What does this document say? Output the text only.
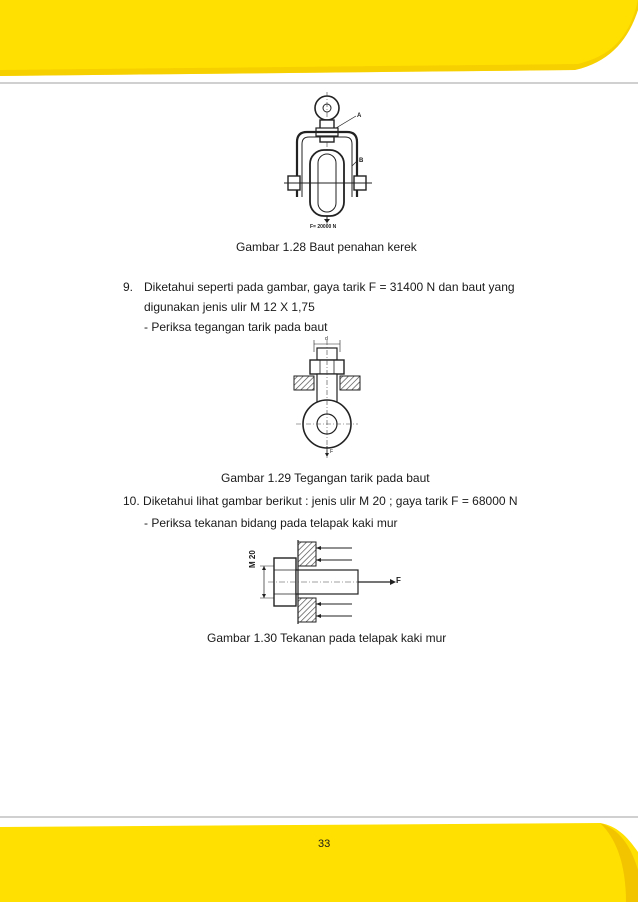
A
B
F= 20000 N
Gambar 1.28 Baut penahan kerek
9. Diketahui seperti pada gambar, gaya tarik F = 31400 N dan baut yang
digunakan jenis ulir M 12 X 1,75
- Periksa tegangan tarik pada baut
d
F
Gambar 1.29 Tegangan tarik pada baut
10. Diketahui lihat gambar berikut : jenis ulir M 20 ; gaya tarik F = 68000 N
- Periksa tekanan bidang pada telapak kaki mur
M 20
F
Gambar 1.30 Tekanan pada telapak kaki mur
33
